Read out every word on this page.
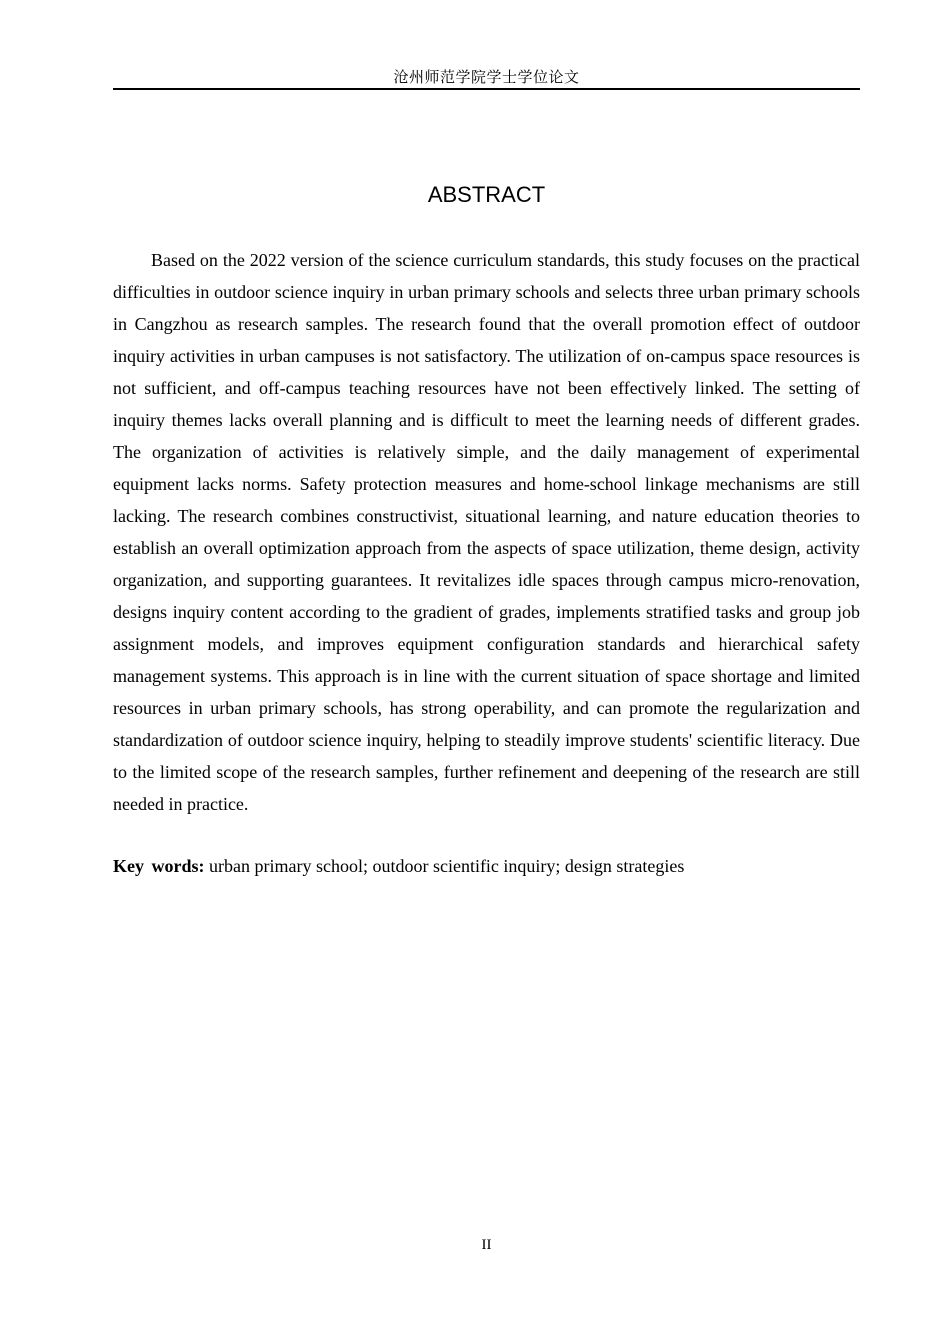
沧州师范学院学士学位论文
ABSTRACT

Based on the 2022 version of the science curriculum standards, this study focuses on the practical difficulties in outdoor science inquiry in urban primary schools and selects three urban primary schools in Cangzhou as research samples. The research found that the overall promotion effect of outdoor inquiry activities in urban campuses is not satisfactory. The utilization of on-campus space resources is not sufficient, and off-campus teaching resources have not been effectively linked. The setting of inquiry themes lacks overall planning and is difficult to meet the learning needs of different grades. The organization of activities is relatively simple, and the daily management of experimental equipment lacks norms. Safety protection measures and home-school linkage mechanisms are still lacking. The research combines constructivist, situational learning, and nature education theories to establish an overall optimization approach from the aspects of space utilization, theme design, activity organization, and supporting guarantees. It revitalizes idle spaces through campus micro-renovation, designs inquiry content according to the gradient of grades, implements stratified tasks and group job assignment models, and improves equipment configuration standards and hierarchical safety management systems. This approach is in line with the current situation of space shortage and limited resources in urban primary schools, has strong operability, and can promote the regularization and standardization of outdoor science inquiry, helping to steadily improve students' scientific literacy. Due to the limited scope of the research samples, further refinement and deepening of the research are still needed in practice.

Key words: urban primary school; outdoor scientific inquiry; design strategies

II
